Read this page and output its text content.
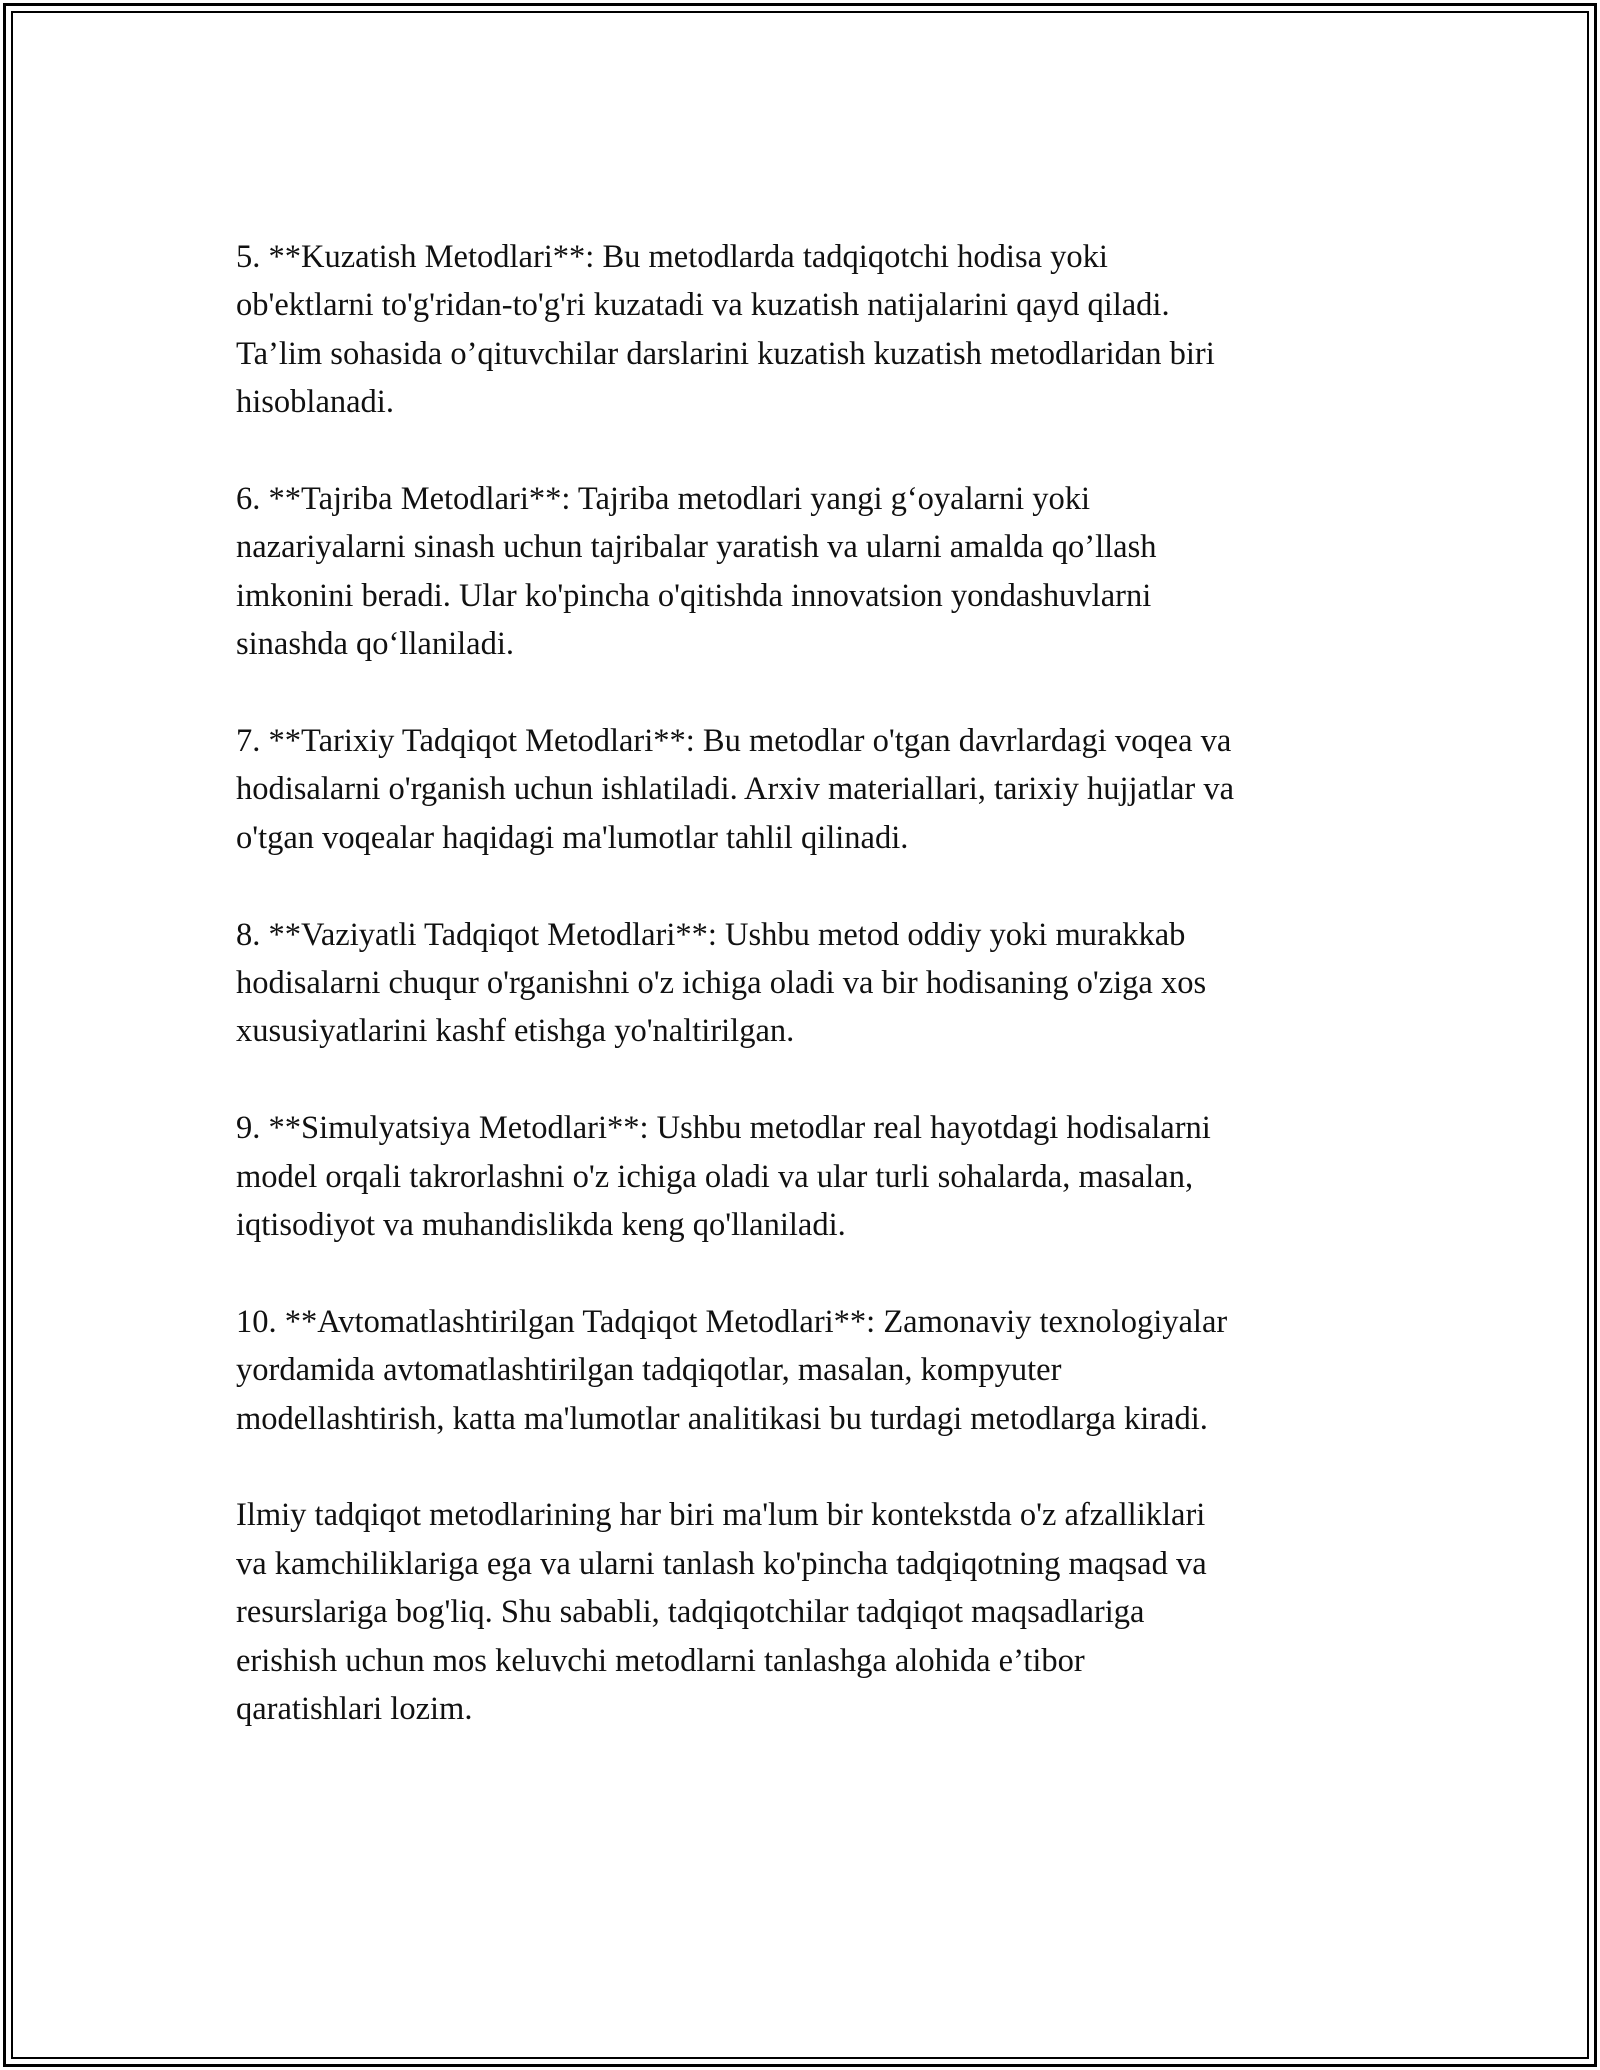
5. **Kuzatish Metodlari**: Bu metodlarda tadqiqotchi hodisa yoki
ob'ektlarni to'g'ridan-to'g'ri kuzatadi va kuzatish natijalarini qayd qiladi.
Ta’lim sohasida o’qituvchilar darslarini kuzatish kuzatish metodlaridan biri
hisoblanadi.

6. **Tajriba Metodlari**: Tajriba metodlari yangi g‘oyalarni yoki
nazariyalarni sinash uchun tajribalar yaratish va ularni amalda qo’llash
imkonini beradi. Ular ko'pincha o'qitishda innovatsion yondashuvlarni
sinashda qo‘llaniladi.

7. **Tarixiy Tadqiqot Metodlari**: Bu metodlar o'tgan davrlardagi voqea va
hodisalarni o'rganish uchun ishlatiladi. Arxiv materiallari, tarixiy hujjatlar va
o'tgan voqealar haqidagi ma'lumotlar tahlil qilinadi.

8. **Vaziyatli Tadqiqot Metodlari**: Ushbu metod oddiy yoki murakkab
hodisalarni chuqur o'rganishni o'z ichiga oladi va bir hodisaning o'ziga xos
xususiyatlarini kashf etishga yo'naltirilgan.

9. **Simulyatsiya Metodlari**: Ushbu metodlar real hayotdagi hodisalarni
model orqali takrorlashni o'z ichiga oladi va ular turli sohalarda, masalan,
iqtisodiyot va muhandislikda keng qo'llaniladi.

10. **Avtomatlashtirilgan Tadqiqot Metodlari**: Zamonaviy texnologiyalar
yordamida avtomatlashtirilgan tadqiqotlar, masalan, kompyuter
modellashtirish, katta ma'lumotlar analitikasi bu turdagi metodlarga kiradi.

Ilmiy tadqiqot metodlarining har biri ma'lum bir kontekstda o'z afzalliklari
va kamchiliklariga ega va ularni tanlash ko'pincha tadqiqotning maqsad va
resurslariga bog'liq. Shu sababli, tadqiqotchilar tadqiqot maqsadlariga
erishish uchun mos keluvchi metodlarni tanlashga alohida e’tibor
qaratishlari lozim.
